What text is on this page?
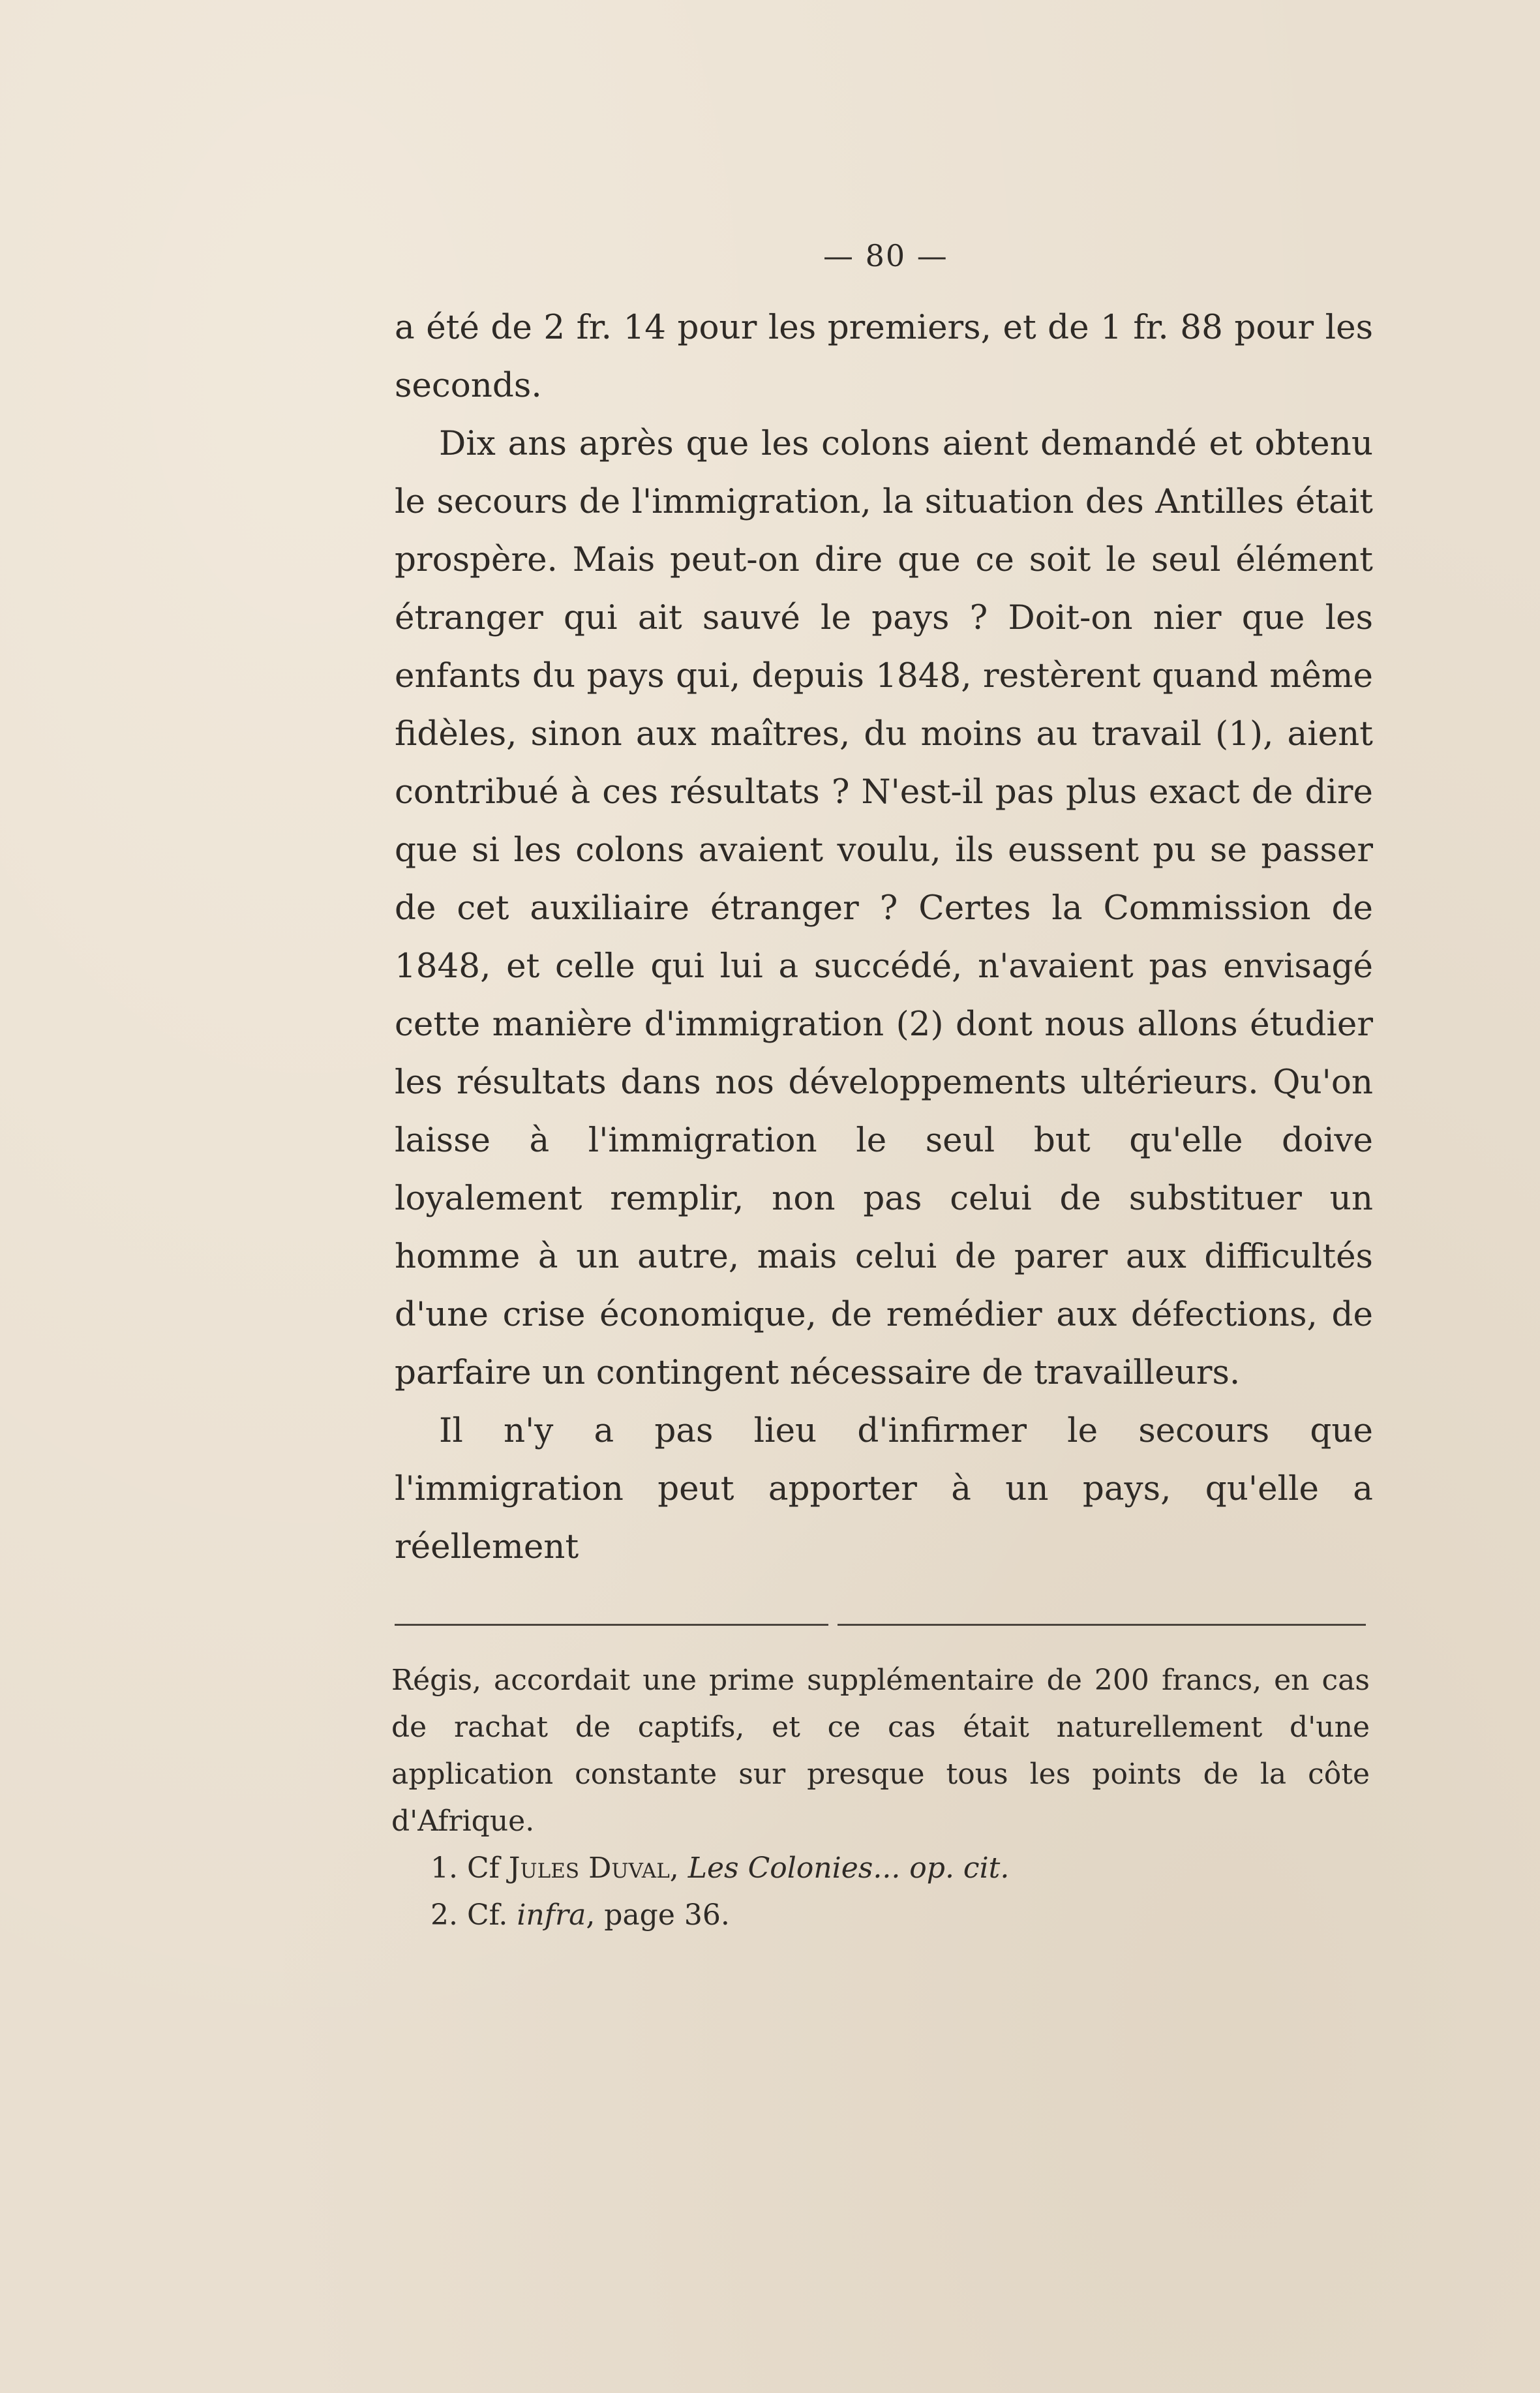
— 80 —

a été de 2 fr. 14 pour les premiers, et de 1 fr. 88 pour les seconds.

Dix ans après que les colons aient demandé et obtenu le secours de l'immigration, la situation des Antilles était prospère. Mais peut-on dire que ce soit le seul élément étranger qui ait sauvé le pays ? Doit-on nier que les enfants du pays qui, depuis 1848, restèrent quand même fidèles, sinon aux maîtres, du moins au travail (1), aient contribué à ces résultats ? N'est-il pas plus exact de dire que si les colons avaient voulu, ils eussent pu se passer de cet auxiliaire étranger ? Certes la Commission de 1848, et celle qui lui a succédé, n'avaient pas envisagé cette manière d'immigration (2) dont nous allons étudier les résultats dans nos développements ultérieurs. Qu'on laisse à l'immigration le seul but qu'elle doive loyalement remplir, non pas celui de substituer un homme à un autre, mais celui de parer aux difficultés d'une crise économique, de remédier aux défections, de parfaire un contingent nécessaire de travailleurs.

Il n'y a pas lieu d'infirmer le secours que l'immigration peut apporter à un pays, qu'elle a réellement

Régis, accordait une prime supplémentaire de 200 francs, en cas de rachat de captifs, et ce cas était naturellement d'une application constante sur presque tous les points de la côte d'Afrique.

1. Cf Jules Duval, Les Colonies... op. cit.

2. Cf. infra, page 36.
